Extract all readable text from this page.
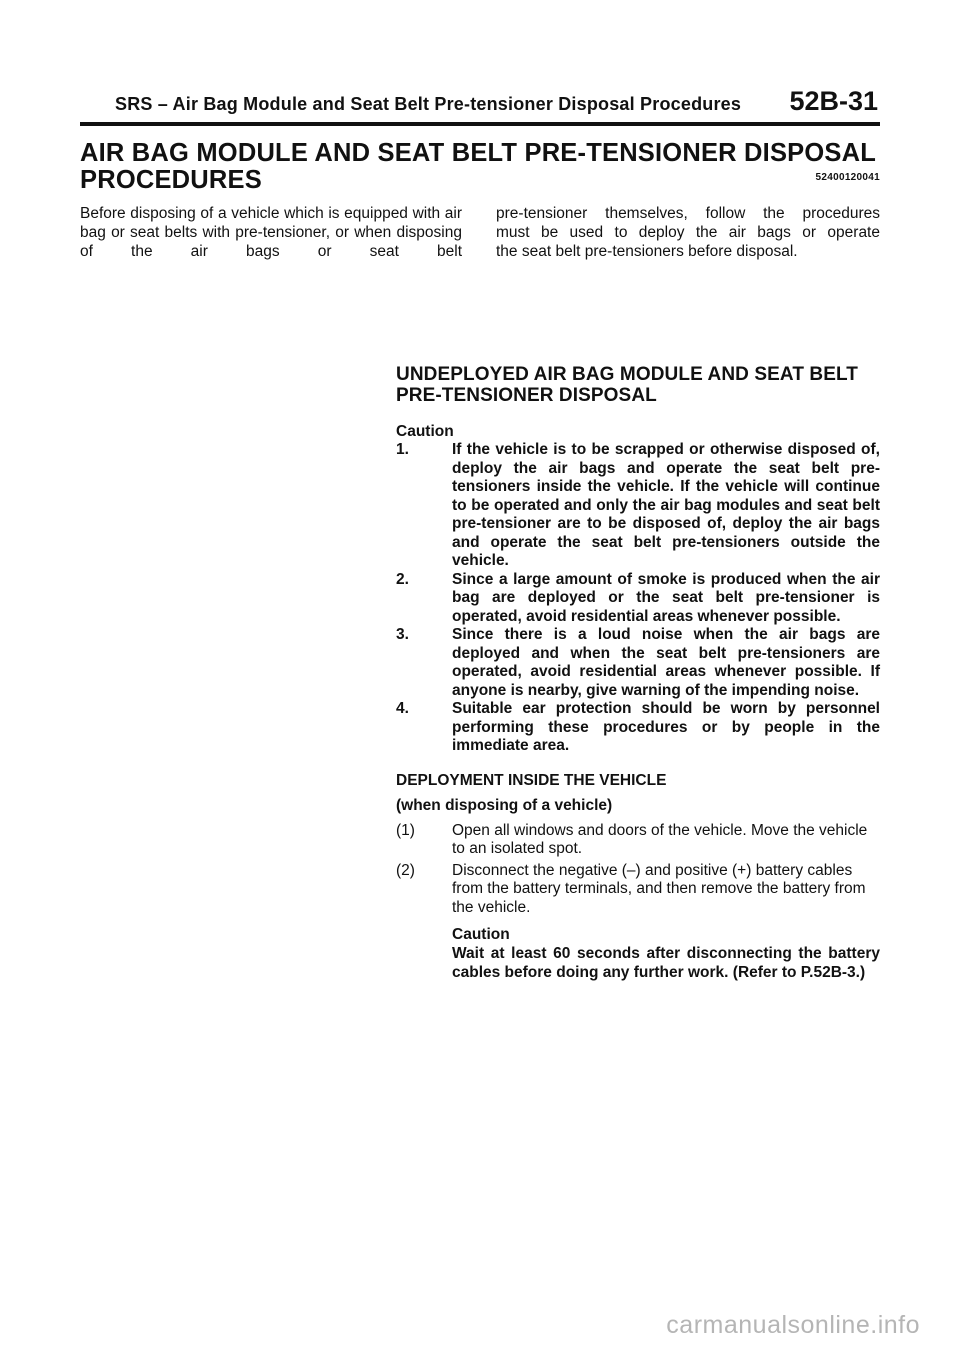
SRS – Air Bag Module and Seat Belt Pre-tensioner Disposal Procedures 52B-31
AIR BAG MODULE AND SEAT BELT PRE-TENSIONER DISPOSAL PROCEDURES	52400120041
Before disposing of a vehicle which is equipped with air bag or seat belts with pre-tensioner, or when disposing of the air bags or seat belt
pre-tensioner themselves, follow the procedures
must be used to deploy the air bags or operate
the seat belt pre-tensioners before disposal.
UNDEPLOYED AIR BAG MODULE AND SEAT BELT PRE-TENSIONER DISPOSAL
Caution
1.	If the vehicle is to be scrapped or otherwise disposed of, deploy the air bags and operate the seat belt pre-tensioners inside the vehicle. If the vehicle will continue to be operated and only the air bag modules and seat belt pre-tensioner are to be disposed of, deploy the air bags and operate the seat belt pre-tensioners outside the vehicle.
2.	Since a large amount of smoke is produced when the air bag are deployed or the seat belt pre-tensioner is operated, avoid residential areas whenever possible.
3.	Since there is a loud noise when the air bags are deployed and when the seat belt pre-tensioners are operated, avoid residential areas whenever possible. If anyone is nearby, give warning of the impending noise.
4.	Suitable ear protection should be worn by personnel performing these procedures or by people in the immediate area.
DEPLOYMENT INSIDE THE VEHICLE
(when disposing of a vehicle)
(1) Open all windows and doors of the vehicle. Move the vehicle to an isolated spot.
(2) Disconnect the negative (–) and positive (+) battery cables from the battery terminals, and then remove the battery from the vehicle.
Caution
Wait at least 60 seconds after disconnecting the battery cables before doing any further work. (Refer to P.52B-3.)
carmanualsonline.info
